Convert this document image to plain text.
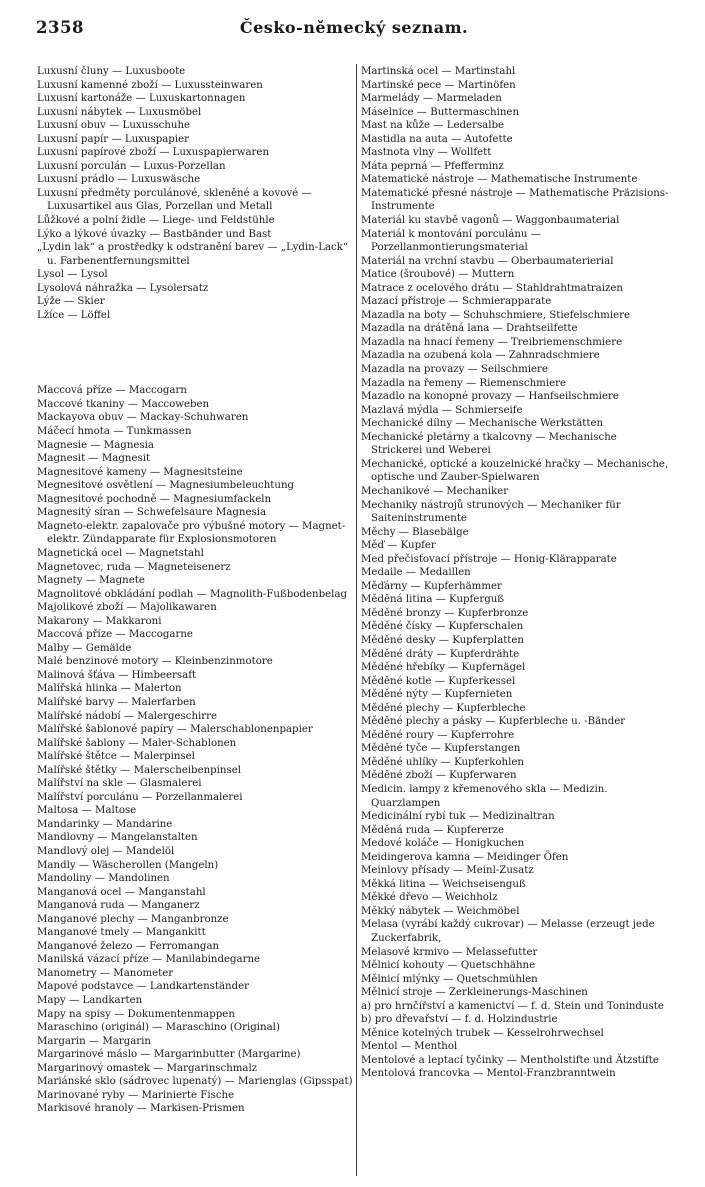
2358	Česko-německý seznam.
Luxusní čluny — Luxusboote
Luxusní kamenné zboží — Luxussteinwaren
Luxusní kartonáže — Luxuskartonnagen
Luxusní nábytek — Luxusmöbel
Luxusní obuv — Luxusschuhe
Luxusní papír — Luxuspapier
Luxusní papírové zboží — Luxuspapierwaren
Luxusní porculán — Luxus-Porzellan
Luxusní prádlo — Luxuswäsche
Luxusní předměty porculánové, skleněné a kovové — Luxusartikel aus Glas, Porzellan und Metall
Lůžkové a polní židle — Liege- und Feldstühle
Lýko a lýkové úvazky — Bastbänder und Bast
„Lydin lak“ a prostředky k odstranění barev — „Lydin-Lack“ u. Farbenentfernungsmittel
Lysol — Lysol
Lysolová náhražka — Lysolersatz
Lýže — Skier
Lžíce — Löffel
Maccová příze — Maccogarn
Maccové tkaniny — Maccoweben
Mackayova obuv — Mackay-Schuhwaren
Máčecí hmota — Tunkmassen
Magnesie — Magnesia
Magnesit — Magnesit
Magnesitové kameny — Magnesitsteine
Megnesitové osvětlení — Magnesiumbeleuchtung
Magnesitové pochodně — Magnesiumfackeln
Magnesitý síran — Schwefelsaure Magnesia
Magneto-elektr. zapalovače pro výbušné motory — Magnet-elektr. Zündapparate für Explosionsmotoren
Magnetická ocel — Magnetstahl
Magnetovec, ruda — Magneteisenerz
Magnety — Magnete
Magnolitové obkládání podlah — Magnolith-Fußbodenbelag
Majolikové zboží — Majolikawaren
Makarony — Makkaroni
Maccová příze — Maccogarne
Malby — Gemälde
Malé benzinové motory — Kleinbenzinmotore
Malinová šťáva — Himbeersaft
Malířská hlinka — Malerton
Malířské barvy — Malerfarben
Malířské nádobí — Malergeschirre
Malířské šablonové papíry — Malerschablonenpapier
Malířské šablony — Maler-Schablonen
Malířské štětce — Malerpinsel
Malířské štětky — Malerscheibenpinsel
Malířství na skle — Glasmalerei
Malířství porculánu — Porzellanmalerei
Maltosa — Maltose
Mandarinky — Mandarine
Mandlovny — Mangelanstalten
Mandlový olej — Mandelöl
Mandly — Wäscherollen (Mangeln)
Mandoliny — Mandolinen
Manganová ocel — Manganstahl
Manganová ruda — Manganerz
Manganové plechy — Manganbronze
Manganové tmely — Mangankitt
Manganové železo — Ferromangan
Manilská vázací příze — Manilabindegarne
Manometry — Manometer
Mapové podstavce — Landkartenständer
Mapy — Landkarten
Mapy na spisy — Dokumentenmappen
Maraschino (originál) — Maraschino (Original)
Margarin — Margarin
Margarinové máslo — Margarinbutter (Margarine)
Margarinový omastek — Margarinschmalz
Mariánské sklo (sádrovec lupenatý) — Marienglas (Gipsspat)
Marinované ryby — Marinierte Fische
Markisové hranoly — Markisen-Prismen
Martinská ocel — Martinstahl
Martinské pece — Martinöfen
Marmelády — Marmeladen
Máselnice — Buttermaschinen
Mast na kůže — Ledersalbe
Mastidla na auta — Autofette
Mastnota vlny — Wollfett
Máta peprná — Pfefferminz
Matematické nástroje — Mathematische Instrumente
Matematické přesné nástroje — Mathematische Präzisions-Instrumente
Materiál ku stavbě vagonů — Waggonbaumaterial
Materiál k montování porculánu — Porzellanmontierungsmaterial
Materiál na vrchní stavbu — Oberbaumaterierial
Matice (šroubové) — Muttern
Matrace z ocelového drátu — Stahldrahtmatraizen
Mazací přístroje — Schmierapparate
Mazadla na boty — Schuhschmiere, Stiefelschmiere
Mazadla na drátěná lana — Drahtseilfette
Mazadla na hnací řemeny — Treibriemenschmiere
Mazadla na ozubená kola — Zahnradschmiere
Mazadla na provazy — Seilschmiere
Mazadla na řemeny — Riemenschmiere
Mazadlo na konopné provazy — Hanfseilschmiere
Mazlavá mýdla — Schmierseife
Mechanické dílny — Mechanische Werkstätten
Mechanické pletárny a tkalcovny — Mechanische Strickerei und Weberei
Mechanické, optické a kouzelnické hračky — Mechanische, optische und Zauber-Spielwaren
Mechanikové — Mechaniker
Mechaniky nástrojů strunových — Mechaniker für Saiteninstrumente
Měchy — Blasebälge
Měď — Kupfer
Med přečisťovací přístroje — Honig-Klärapparate
Medaile — Medaillen
Měďárny — Kupferhämmer
Měděná litina — Kupferguß
Měděné bronzy — Kupferbronze
Měděné čísky — Kupferschalen
Měděné desky — Kupferplatten
Měděné dráty — Kupferdrähte
Měděné hřebíky — Kupfernägel
Měděné kotle — Kupferkessel
Měděné nýty — Kupfernieten
Měděné plechy — Kupferbleche
Měděné plechy a pásky — Kupferbleche u. -Bänder
Měděné roury — Kupferrohre
Měděné tyče — Kupferstangen
Měděné uhlíky — Kupferkohlen
Měděné zboží — Kupferwaren
Medicin. lampy z křemenového skla — Medizin. Quarzlampen
Medicinální rybí tuk — Medizinaltran
Měděná ruda — Kupfererze
Medové koláče — Honigkuchen
Meidingerova kamna — Meidinger Öfen
Meinlovy přísady — Meinl-Zusatz
Měkká litina — Weichseisenguß
Měkké dřevo — Weichholz
Měkký nábytek — Weichmöbel
Melasa (vyrábí každý cukrovar) — Melasse (erzeugt jede Zuckerfabrik,
Melasové krmivo — Melassefutter
Mělnicí kohouty — Quetschhähne
Mělnicí mlýnky — Quetschmühlen
Mělnicí stroje — Zerkleinerungs-Maschinen
a) pro hrnčířství a kamenictví — f. d. Stein und Toninduste
b) pro dřevařství — f. d. Holzindustrie
Měnice kotelných trubek — Kesselrohrwechsel
Mentol — Menthol
Mentolové a leptací tyčinky — Mentholstifte und Ätzstifte
Mentolová francovka — Mentol-Franzbranntwein
